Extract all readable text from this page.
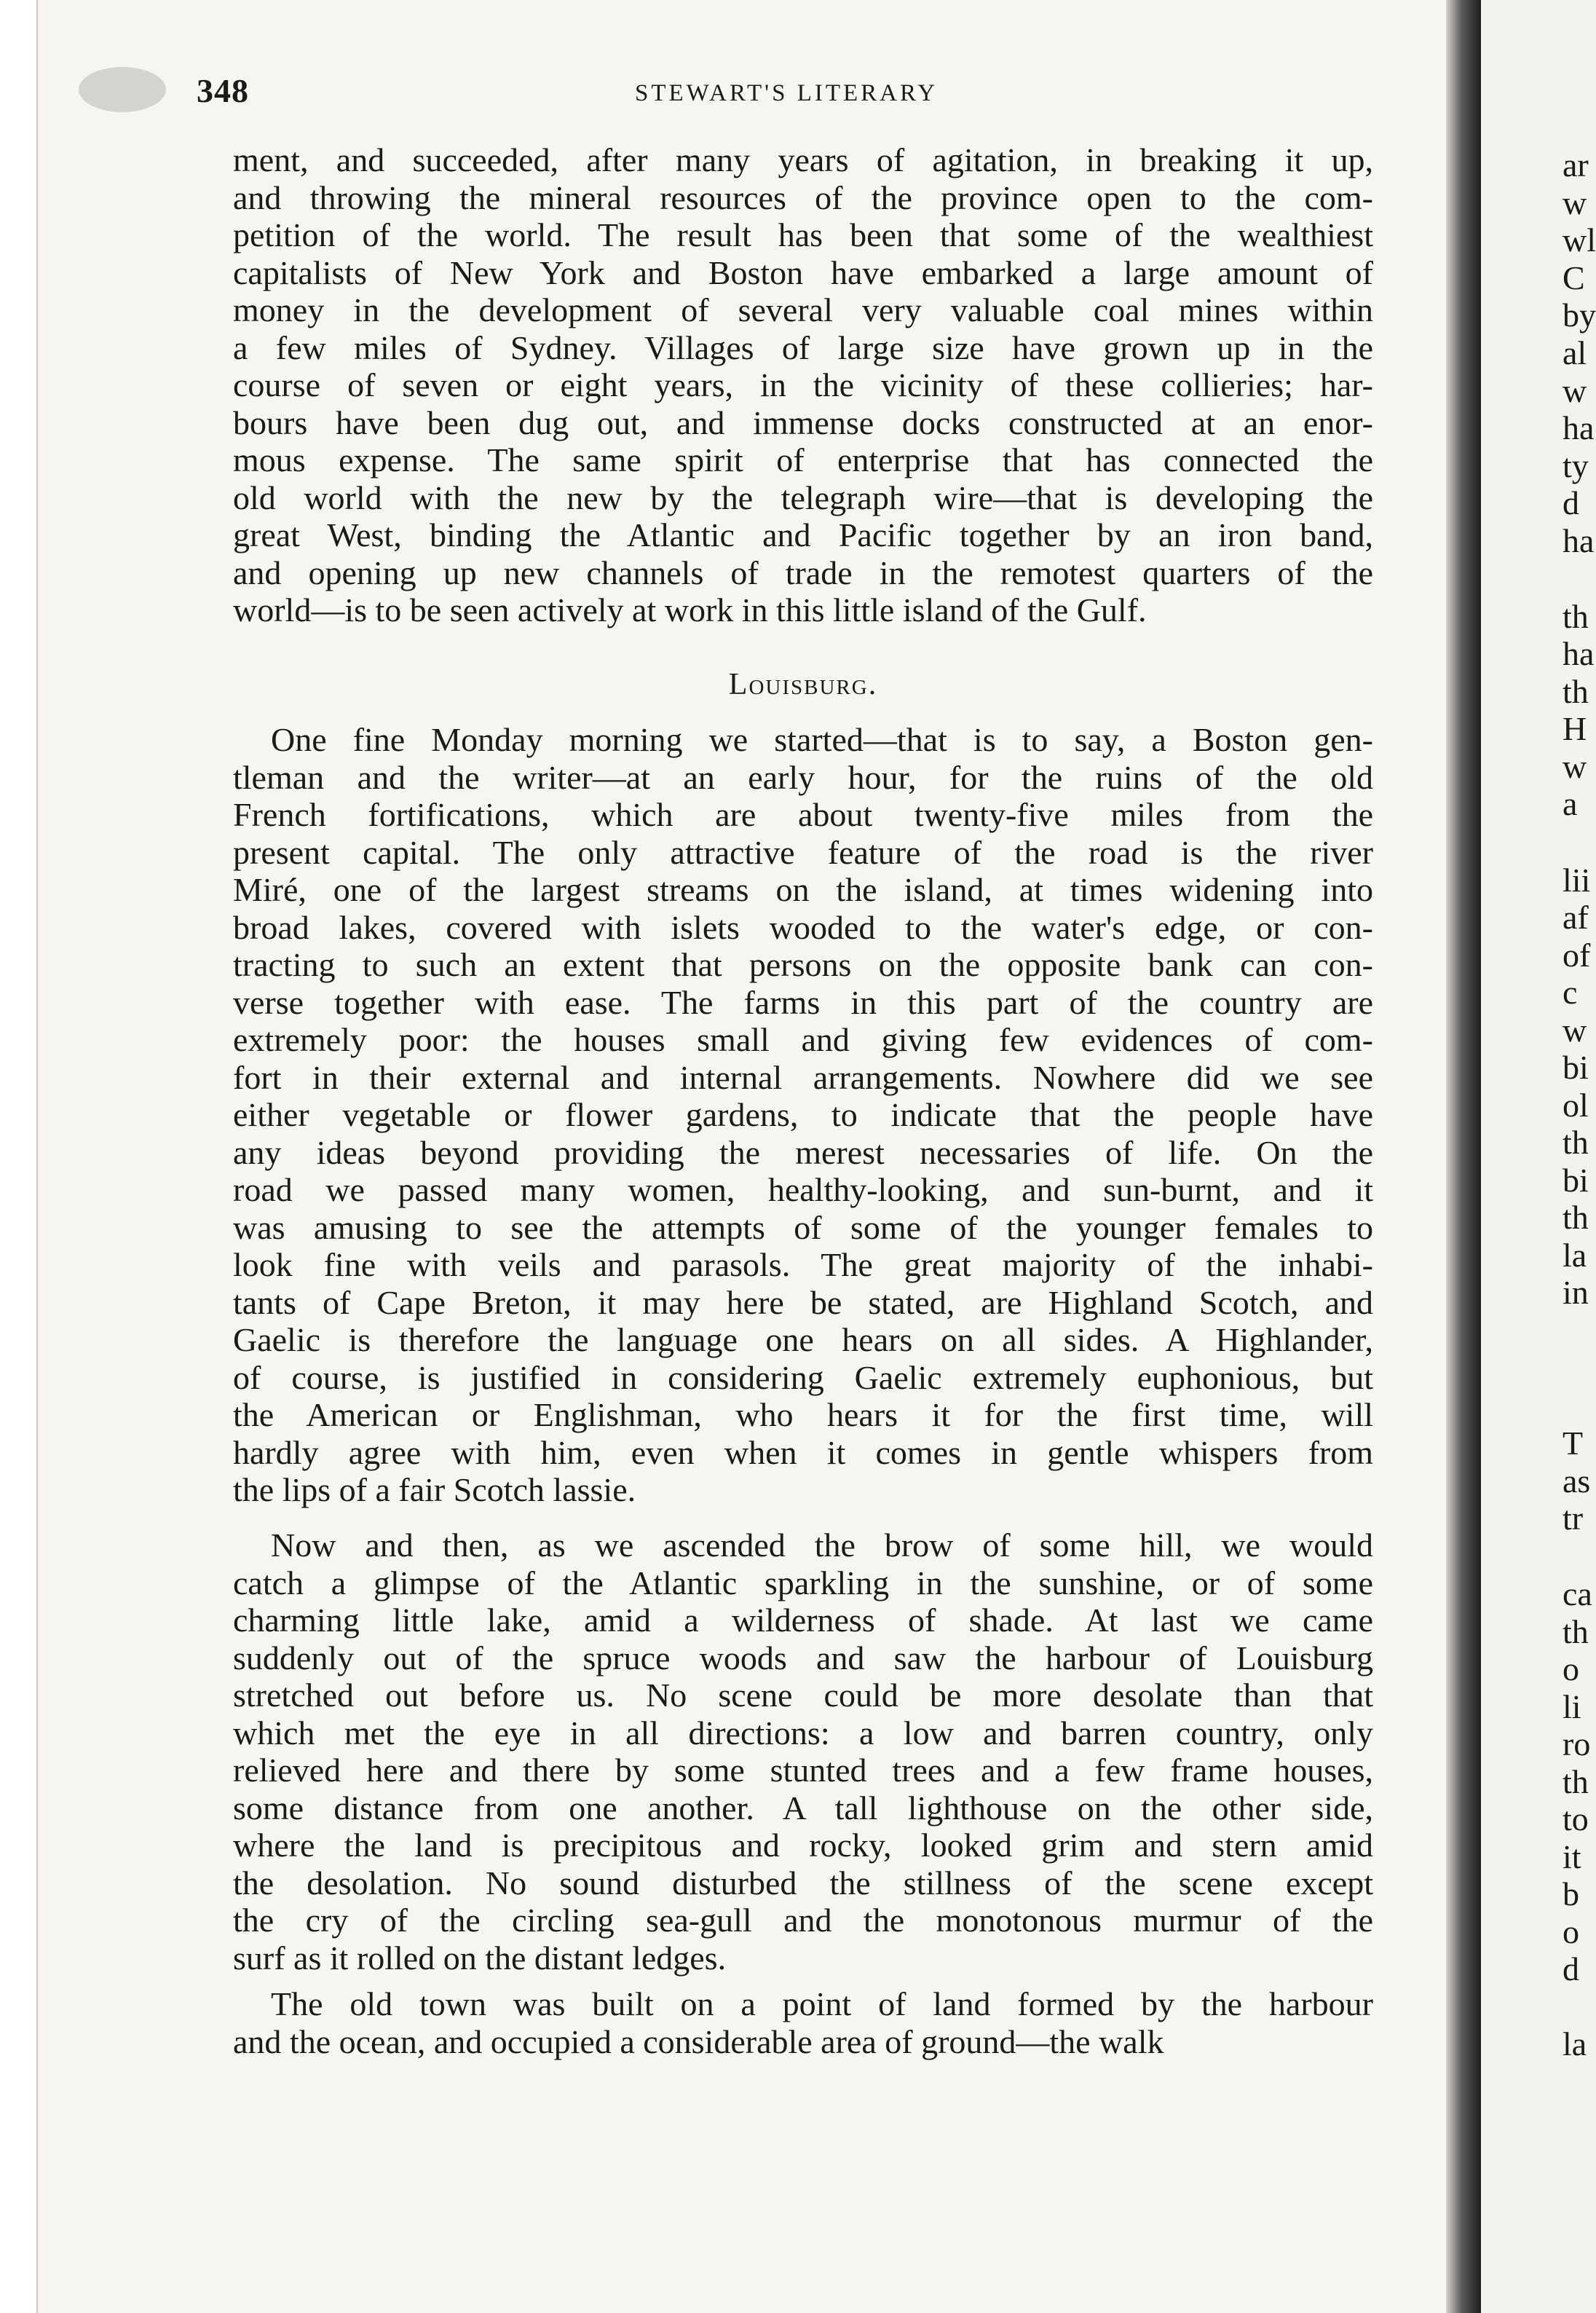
348	STEWART'S LITERARY
Louisburg.
ment, and succeeded, after many years of agitation, in breaking it up,
and throwing the mineral resources of the province open to the com-
petition of the world. The result has been that some of the wealthiest
capitalists of New York and Boston have embarked a large amount of
money in the development of several very valuable coal mines within
a few miles of Sydney. Villages of large size have grown up in the
course of seven or eight years, in the vicinity of these collieries; har-
bours have been dug out, and immense docks constructed at an enor-
mous expense. The same spirit of enterprise that has connected the
old world with the new by the telegraph wire—that is developing the
great West, binding the Atlantic and Pacific together by an iron band,
and opening up new channels of trade in the remotest quarters of the
world—is to be seen actively at work in this little island of the Gulf.
One fine Monday morning we started—that is to say, a Boston gen-
tleman and the writer—at an early hour, for the ruins of the old
French fortifications, which are about twenty-five miles from the
present capital. The only attractive feature of the road is the river
Miré, one of the largest streams on the island, at times widening into
broad lakes, covered with islets wooded to the water's edge, or con-
tracting to such an extent that persons on the opposite bank can con-
verse together with ease. The farms in this part of the country are
extremely poor: the houses small and giving few evidences of com-
fort in their external and internal arrangements. Nowhere did we see
either vegetable or flower gardens, to indicate that the people have
any ideas beyond providing the merest necessaries of life. On the
road we passed many women, healthy-looking, and sun-burnt, and it
was amusing to see the attempts of some of the younger females to
look fine with veils and parasols. The great majority of the inhabi-
tants of Cape Breton, it may here be stated, are Highland Scotch, and
Gaelic is therefore the language one hears on all sides. A Highlander,
of course, is justified in considering Gaelic extremely euphonious, but
the American or Englishman, who hears it for the first time, will
hardly agree with him, even when it comes in gentle whispers from
the lips of a fair Scotch lassie.
Now and then, as we ascended the brow of some hill, we would
catch a glimpse of the Atlantic sparkling in the sunshine, or of some
charming little lake, amid a wilderness of shade. At last we came
suddenly out of the spruce woods and saw the harbour of Louisburg
stretched out before us. No scene could be more desolate than that
which met the eye in all directions: a low and barren country, only
relieved here and there by some stunted trees and a few frame houses,
some distance from one another. A tall lighthouse on the other side,
where the land is precipitous and rocky, looked grim and stern amid
the desolation. No sound disturbed the stillness of the scene except
the cry of the circling sea-gull and the monotonous murmur of the
surf as it rolled on the distant ledges.
The old town was built on a point of land formed by the harbour
and the ocean, and occupied a considerable area of ground—the walk
ar
w
wl
C
by
al
w
ha
ty
d
ha
th
ha
th
H
w
a
lii
af
of
c
w
bi
ol
th
bi
th
la
in
T
as
tr
ca
th
o
li
ro
th
to
it
b
o
d
la
